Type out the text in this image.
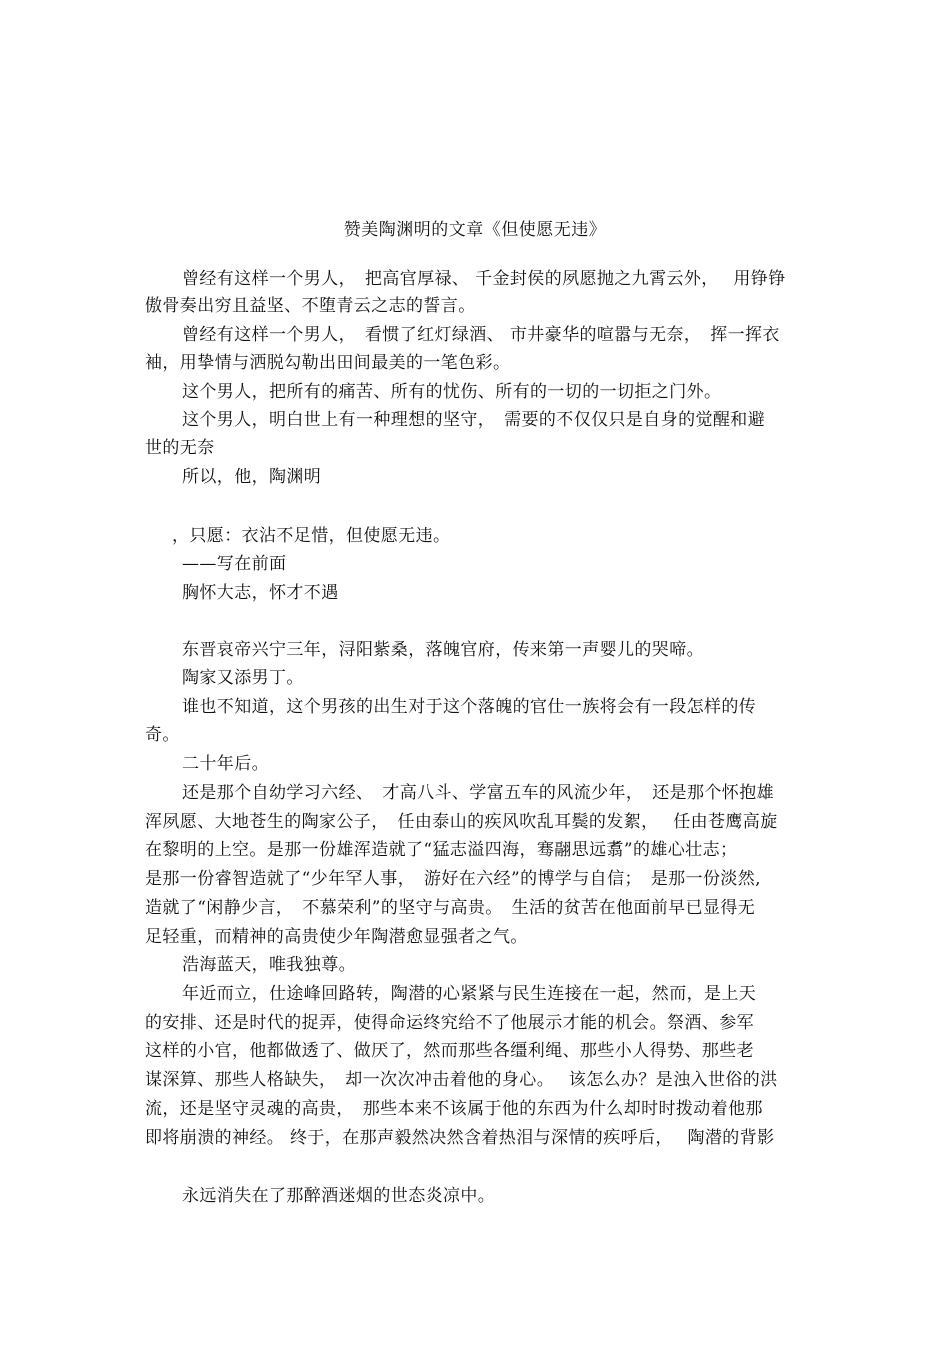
赞美陶渊明的文章《但使愿无违》
曾经有这样一个男人，　把高官厚禄、 千金封侯的夙愿抛之九霄云外，　 用铮铮
傲骨奏出穷且益坚、不堕青云之志的誓言。
曾经有这样一个男人，　看惯了红灯绿酒、 市井豪华的喧嚣与无奈，　挥一挥衣
袖，用挚情与洒脱勾勒出田间最美的一笔色彩。
这个男人，把所有的痛苦、所有的忧伤、所有的一切的一切拒之门外。
这个男人，明白世上有一种理想的坚守，　需要的不仅仅只是自身的觉醒和避
世的无奈
所以，他，陶渊明
，只愿：衣沾不足惜，但使愿无违。
——写在前面
胸怀大志，怀才不遇
东晋哀帝兴宁三年，浔阳紫桑，落魄官府，传来第一声婴儿的哭啼。
陶家又添男丁。
谁也不知道，这个男孩的出生对于这个落魄的官仕一族将会有一段怎样的传
奇。
二十年后。
还是那个自幼学习六经、　才高八斗、学富五车的风流少年，　还是那个怀抱雄
浑夙愿、大地苍生的陶家公子，　任由泰山的疾风吹乱耳鬓的发絮，　 任由苍鹰高旋
在黎明的上空。是那一份雄浑造就了“猛志溢四海，骞翮思远翥”的雄心壮志；
是那一份睿智造就了“少年罕人事，　游好在六经”的博学与自信；　是那一份淡然,
造就了“闲静少言，　不慕荣利”的坚守与高贵。　生活的贫苦在他面前早已显得无
足轻重，而精神的高贵使少年陶潜愈显强者之气。
浩海蓝天，唯我独尊。
年近而立，仕途峰回路转，陶潜的心紧紧与民生连接在一起，然而，是上天
的安排、还是时代的捉弄，使得命运终究给不了他展示才能的机会。祭酒、参军
这样的小官，他都做透了、做厌了，然而那些各缰利绳、那些小人得势、那些老
谋深算、那些人格缺失，　却一次次冲击着他的身心。　 该怎么办？是浊入世俗的洪
流，还是坚守灵魂的高贵，　那些本来不该属于他的东西为什么却时时拨动着他那
即将崩溃的神经。 终于，在那声毅然决然含着热泪与深情的疾呼后，　 陶潜的背影
永远消失在了那醉酒迷烟的世态炎凉中。
